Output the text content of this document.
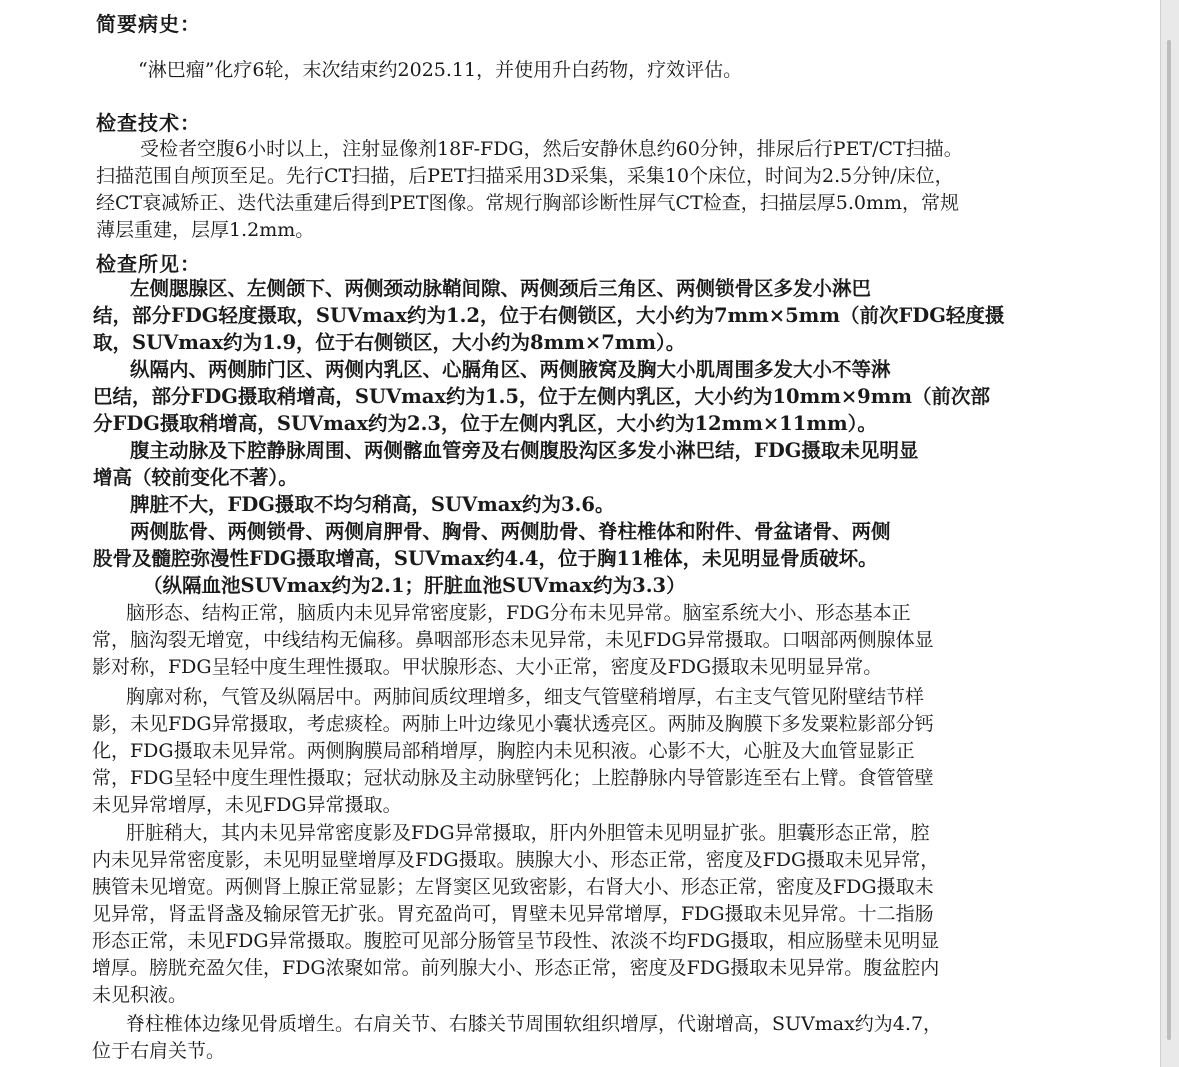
简要病史：
“淋巴瘤”化疗6轮，末次结束约2025.11，并使用升白药物，疗效评估。
检查技术：
受检者空腹6小时以上，注射显像剂18F-FDG，然后安静休息约60分钟，排尿后行PET/CT扫描。
扫描范围自颅顶至足。先行CT扫描，后PET扫描采用3D采集，采集10个床位，时间为2.5分钟/床位，
经CT衰减矫正、迭代法重建后得到PET图像。常规行胸部诊断性屏气CT检查，扫描层厚5.0mm，常规
薄层重建，层厚1.2mm。
检查所见：
左侧腮腺区、左侧颌下、两侧颈动脉鞘间隙、两侧颈后三角区、两侧锁骨区多发小淋巴
结，部分FDG轻度摄取，SUVmax约为1.2，位于右侧锁区，大小约为7mm×5mm（前次FDG轻度摄
取，SUVmax约为1.9，位于右侧锁区，大小约为8mm×7mm）。
纵隔内、两侧肺门区、两侧内乳区、心膈角区、两侧腋窝及胸大小肌周围多发大小不等淋
巴结，部分FDG摄取稍增高，SUVmax约为1.5，位于左侧内乳区，大小约为10mm×9mm（前次部
分FDG摄取稍增高，SUVmax约为2.3，位于左侧内乳区，大小约为12mm×11mm）。
腹主动脉及下腔静脉周围、两侧髂血管旁及右侧腹股沟区多发小淋巴结，FDG摄取未见明显
增高（较前变化不著）。
脾脏不大，FDG摄取不均匀稍高，SUVmax约为3.6。
两侧肱骨、两侧锁骨、两侧肩胛骨、胸骨、两侧肋骨、脊柱椎体和附件、骨盆诸骨、两侧
股骨及髓腔弥漫性FDG摄取增高，SUVmax约4.4，位于胸11椎体，未见明显骨质破坏。
（纵隔血池SUVmax约为2.1；肝脏血池SUVmax约为3.3）
脑形态、结构正常，脑质内未见异常密度影，FDG分布未见异常。脑室系统大小、形态基本正
常，脑沟裂无增宽，中线结构无偏移。鼻咽部形态未见异常，未见FDG异常摄取。口咽部两侧腺体显
影对称，FDG呈轻中度生理性摄取。甲状腺形态、大小正常，密度及FDG摄取未见明显异常。
胸廓对称，气管及纵隔居中。两肺间质纹理增多，细支气管壁稍增厚，右主支气管见附壁结节样
影，未见FDG异常摄取，考虑痰栓。两肺上叶边缘见小囊状透亮区。两肺及胸膜下多发粟粒影部分钙
化，FDG摄取未见异常。两侧胸膜局部稍增厚，胸腔内未见积液。心影不大，心脏及大血管显影正
常，FDG呈轻中度生理性摄取；冠状动脉及主动脉壁钙化；上腔静脉内导管影连至右上臂。食管管壁
未见异常增厚，未见FDG异常摄取。
肝脏稍大，其内未见异常密度影及FDG异常摄取，肝内外胆管未见明显扩张。胆囊形态正常，腔
内未见异常密度影，未见明显壁增厚及FDG摄取。胰腺大小、形态正常，密度及FDG摄取未见异常，
胰管未见增宽。两侧肾上腺正常显影；左肾窦区见致密影，右肾大小、形态正常，密度及FDG摄取未
见异常，肾盂肾盏及输尿管无扩张。胃充盈尚可，胃壁未见异常增厚，FDG摄取未见异常。十二指肠
形态正常，未见FDG异常摄取。腹腔可见部分肠管呈节段性、浓淡不均FDG摄取，相应肠壁未见明显
增厚。膀胱充盈欠佳，FDG浓聚如常。前列腺大小、形态正常，密度及FDG摄取未见异常。腹盆腔内
未见积液。
脊柱椎体边缘见骨质增生。右肩关节、右膝关节周围软组织增厚，代谢增高，SUVmax约为4.7，
位于右肩关节。
